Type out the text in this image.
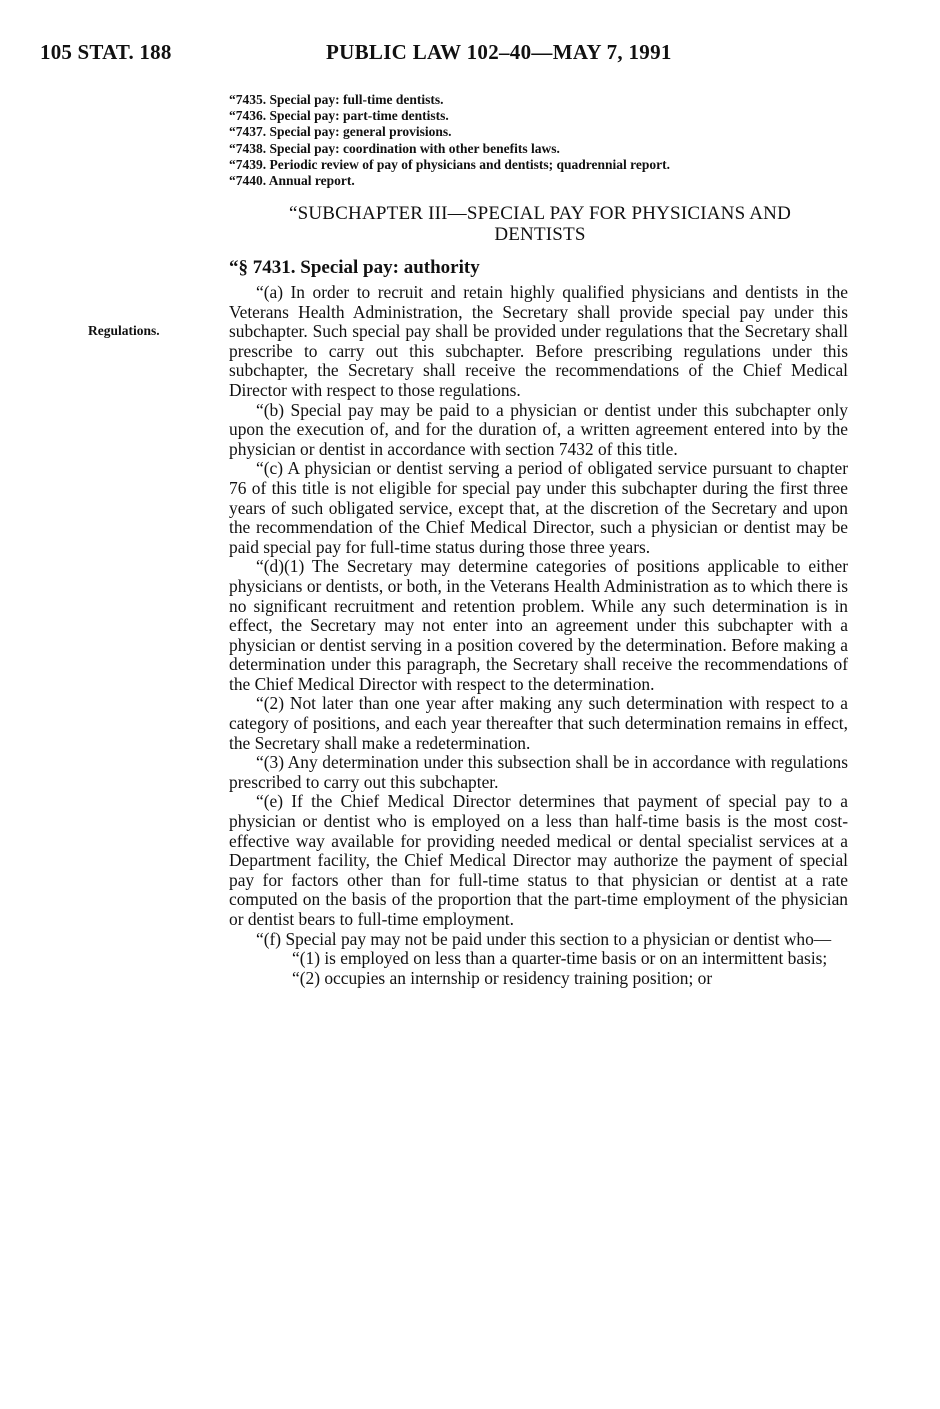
105 STAT. 188	PUBLIC LAW 102–40—MAY 7, 1991
“7435. Special pay: full-time dentists.
“7436. Special pay: part-time dentists.
“7437. Special pay: general provisions.
“7438. Special pay: coordination with other benefits laws.
“7439. Periodic review of pay of physicians and dentists; quadrennial report.
“7440. Annual report.
“SUBCHAPTER III—SPECIAL PAY FOR PHYSICIANS AND
DENTISTS
“§ 7431. Special pay: authority
Regulations.

“(a) In order to recruit and retain highly qualified physicians and dentists in the Veterans Health Administration, the Secretary shall provide special pay under this subchapter. Such special pay shall be provided under regulations that the Secretary shall prescribe to carry out this subchapter. Before prescribing regulations under this subchapter, the Secretary shall receive the recommendations of the Chief Medical Director with respect to those regulations.

“(b) Special pay may be paid to a physician or dentist under this subchapter only upon the execution of, and for the duration of, a written agreement entered into by the physician or dentist in accordance with section 7432 of this title.

“(c) A physician or dentist serving a period of obligated service pursuant to chapter 76 of this title is not eligible for special pay under this subchapter during the first three years of such obligated service, except that, at the discretion of the Secretary and upon the recommendation of the Chief Medical Director, such a physician or dentist may be paid special pay for full-time status during those three years.

“(d)(1) The Secretary may determine categories of positions applicable to either physicians or dentists, or both, in the Veterans Health Administration as to which there is no significant recruitment and retention problem. While any such determination is in effect, the Secretary may not enter into an agreement under this subchapter with a physician or dentist serving in a position covered by the determination. Before making a determination under this paragraph, the Secretary shall receive the recommendations of the Chief Medical Director with respect to the determination.

“(2) Not later than one year after making any such determination with respect to a category of positions, and each year thereafter that such determination remains in effect, the Secretary shall make a redetermination.

“(3) Any determination under this subsection shall be in accordance with regulations prescribed to carry out this subchapter.

“(e) If the Chief Medical Director determines that payment of special pay to a physician or dentist who is employed on a less than half-time basis is the most cost-effective way available for providing needed medical or dental specialist services at a Department facility, the Chief Medical Director may authorize the payment of special pay for factors other than for full-time status to that physician or dentist at a rate computed on the basis of the proportion that the part-time employment of the physician or dentist bears to full-time employment.

“(f) Special pay may not be paid under this section to a physician or dentist who—

“(1) is employed on less than a quarter-time basis or on an intermittent basis;

“(2) occupies an internship or residency training position; or
